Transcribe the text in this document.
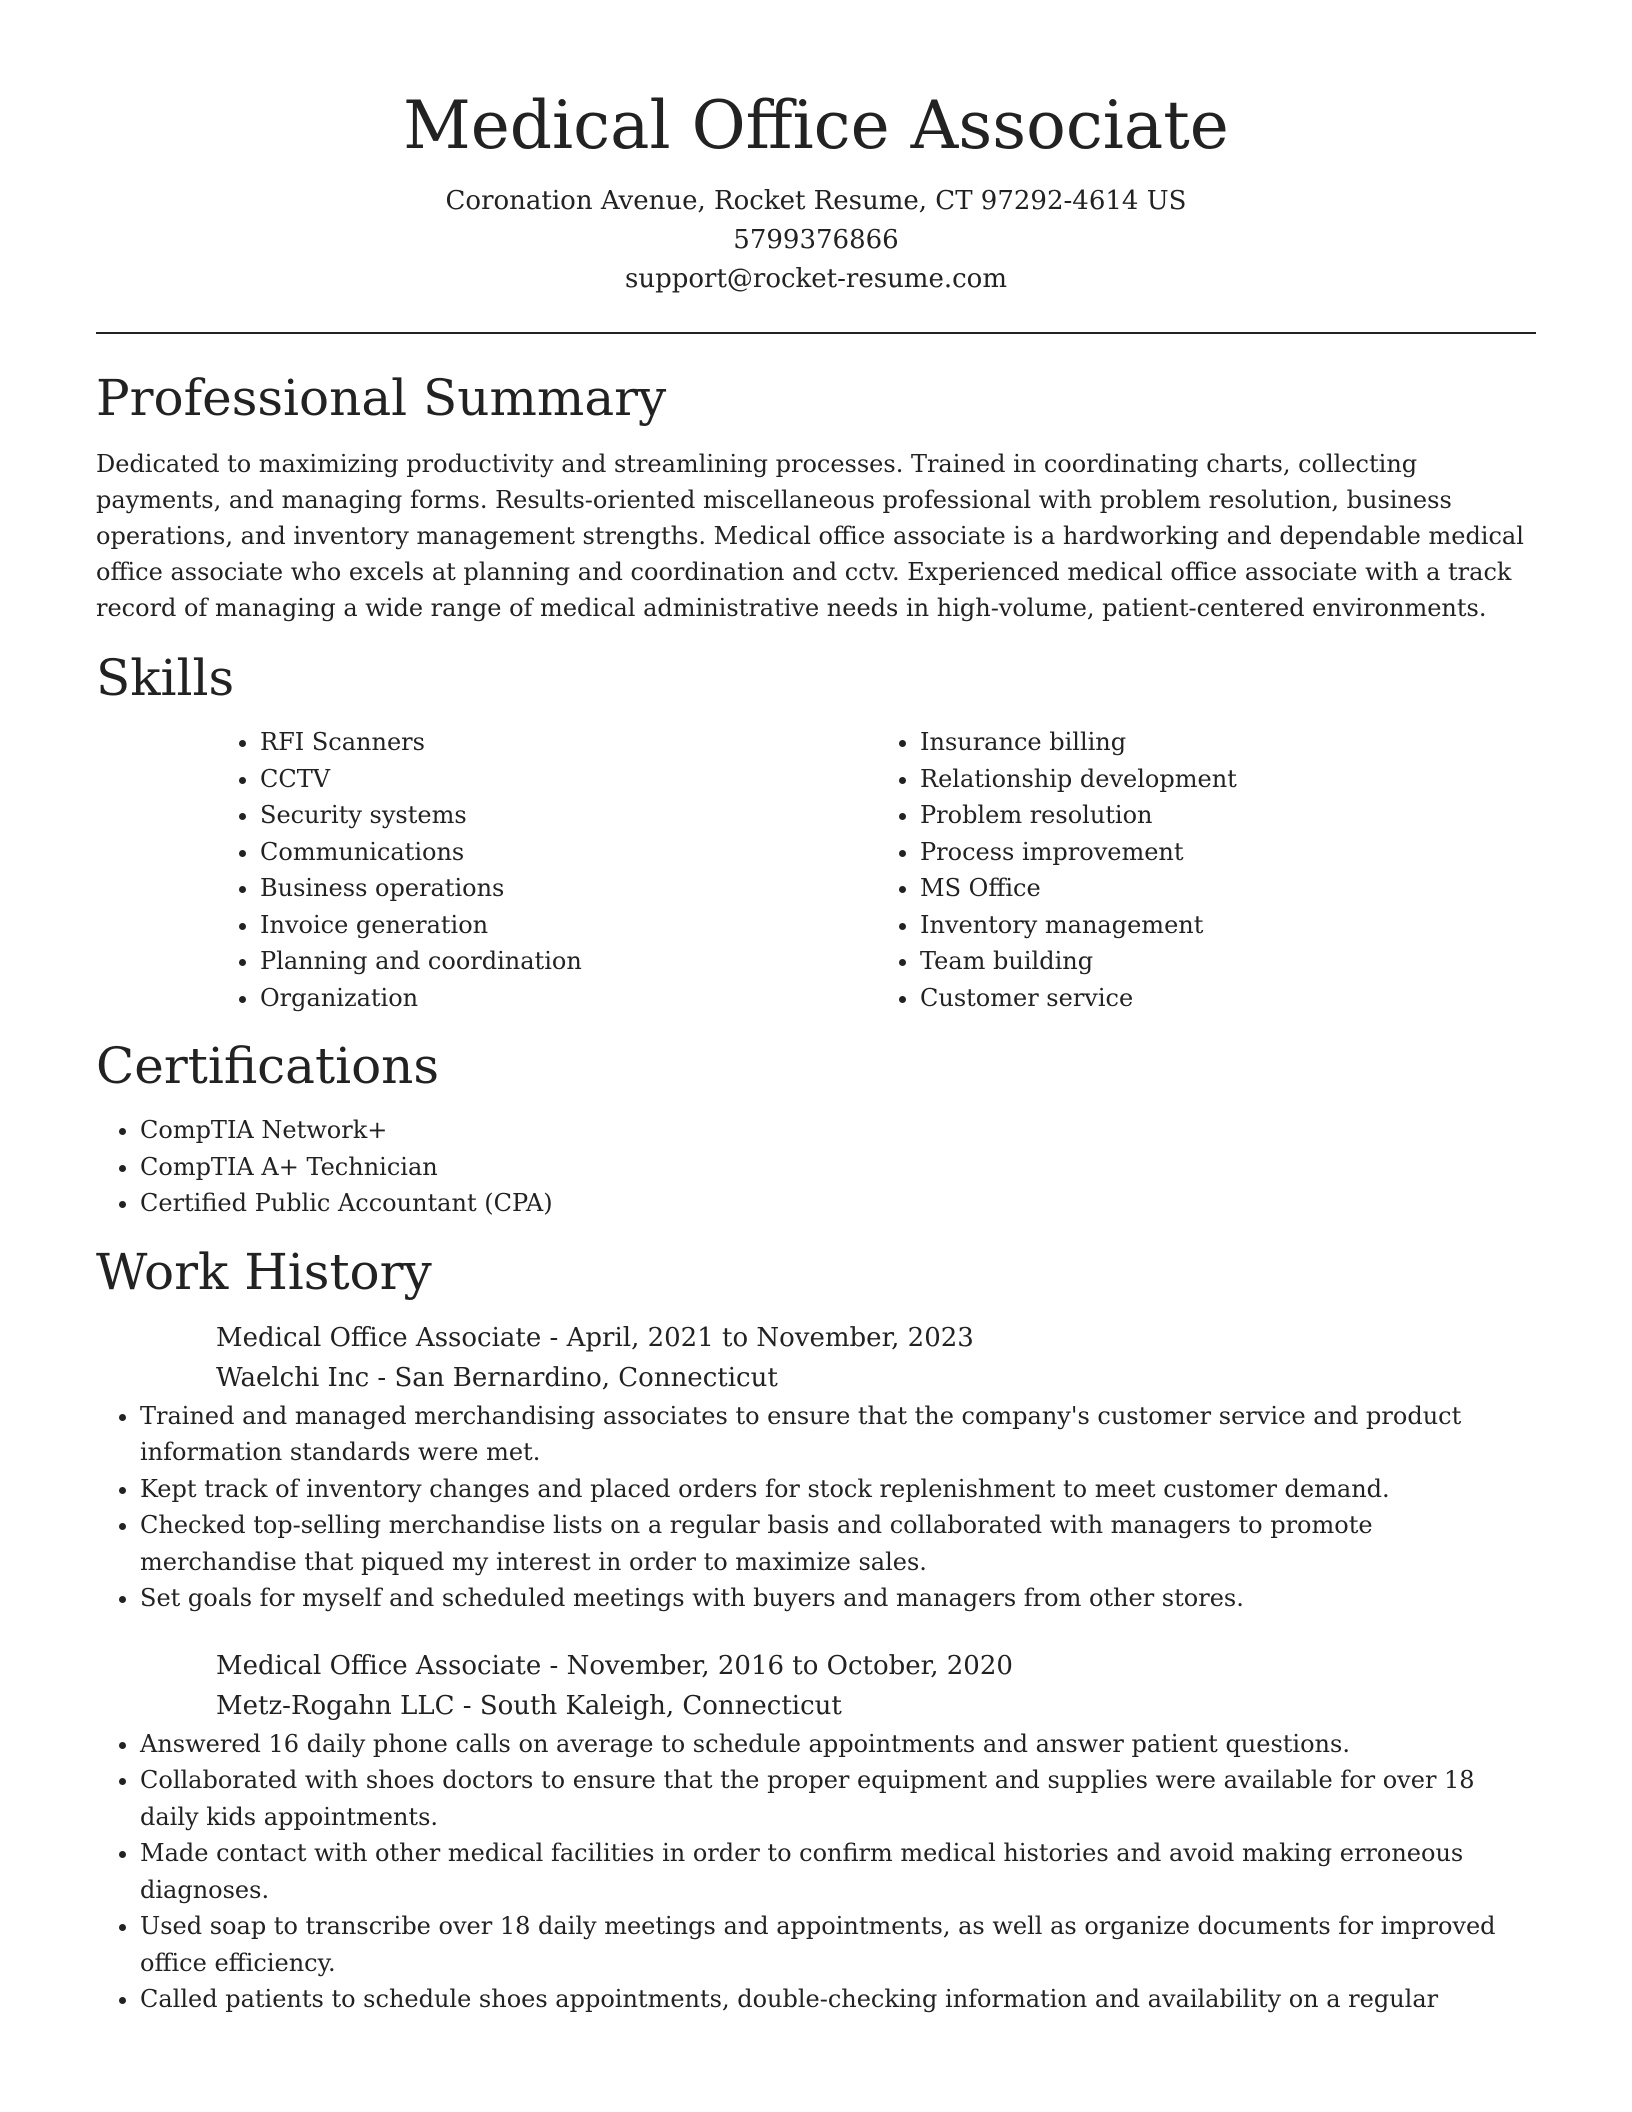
Medical Office Associate
Coronation Avenue, Rocket Resume, CT 97292-4614 US
5799376866
support@rocket-resume.com
Professional Summary

Dedicated to maximizing productivity and streamlining processes. Trained in coordinating charts, collecting payments, and managing forms. Results-oriented miscellaneous professional with problem resolution, business operations, and inventory management strengths. Medical office associate is a hardworking and dependable medical office associate who excels at planning and coordination and cctv. Experienced medical office associate with a track record of managing a wide range of medical administrative needs in high-volume, patient-centered environments.

Skills
• RFI Scanners
• CCTV
• Security systems
• Communications
• Business operations
• Invoice generation
• Planning and coordination
• Organization
• Insurance billing
• Relationship development
• Problem resolution
• Process improvement
• MS Office
• Inventory management
• Team building
• Customer service
Certifications
• CompTIA Network+
• CompTIA A+ Technician
• Certified Public Accountant (CPA)
Work History
Medical Office Associate - April, 2021 to November, 2023
Waelchi Inc - San Bernardino, Connecticut
• Trained and managed merchandising associates to ensure that the company's customer service and product information standards were met.
• Kept track of inventory changes and placed orders for stock replenishment to meet customer demand.
• Checked top-selling merchandise lists on a regular basis and collaborated with managers to promote merchandise that piqued my interest in order to maximize sales.
• Set goals for myself and scheduled meetings with buyers and managers from other stores.
Medical Office Associate - November, 2016 to October, 2020
Metz-Rogahn LLC - South Kaleigh, Connecticut
• Answered 16 daily phone calls on average to schedule appointments and answer patient questions.
• Collaborated with shoes doctors to ensure that the proper equipment and supplies were available for over 18 daily kids appointments.
• Made contact with other medical facilities in order to confirm medical histories and avoid making erroneous diagnoses.
• Used soap to transcribe over 18 daily meetings and appointments, as well as organize documents for improved office efficiency.
• Called patients to schedule shoes appointments, double-checking information and availability on a regular
